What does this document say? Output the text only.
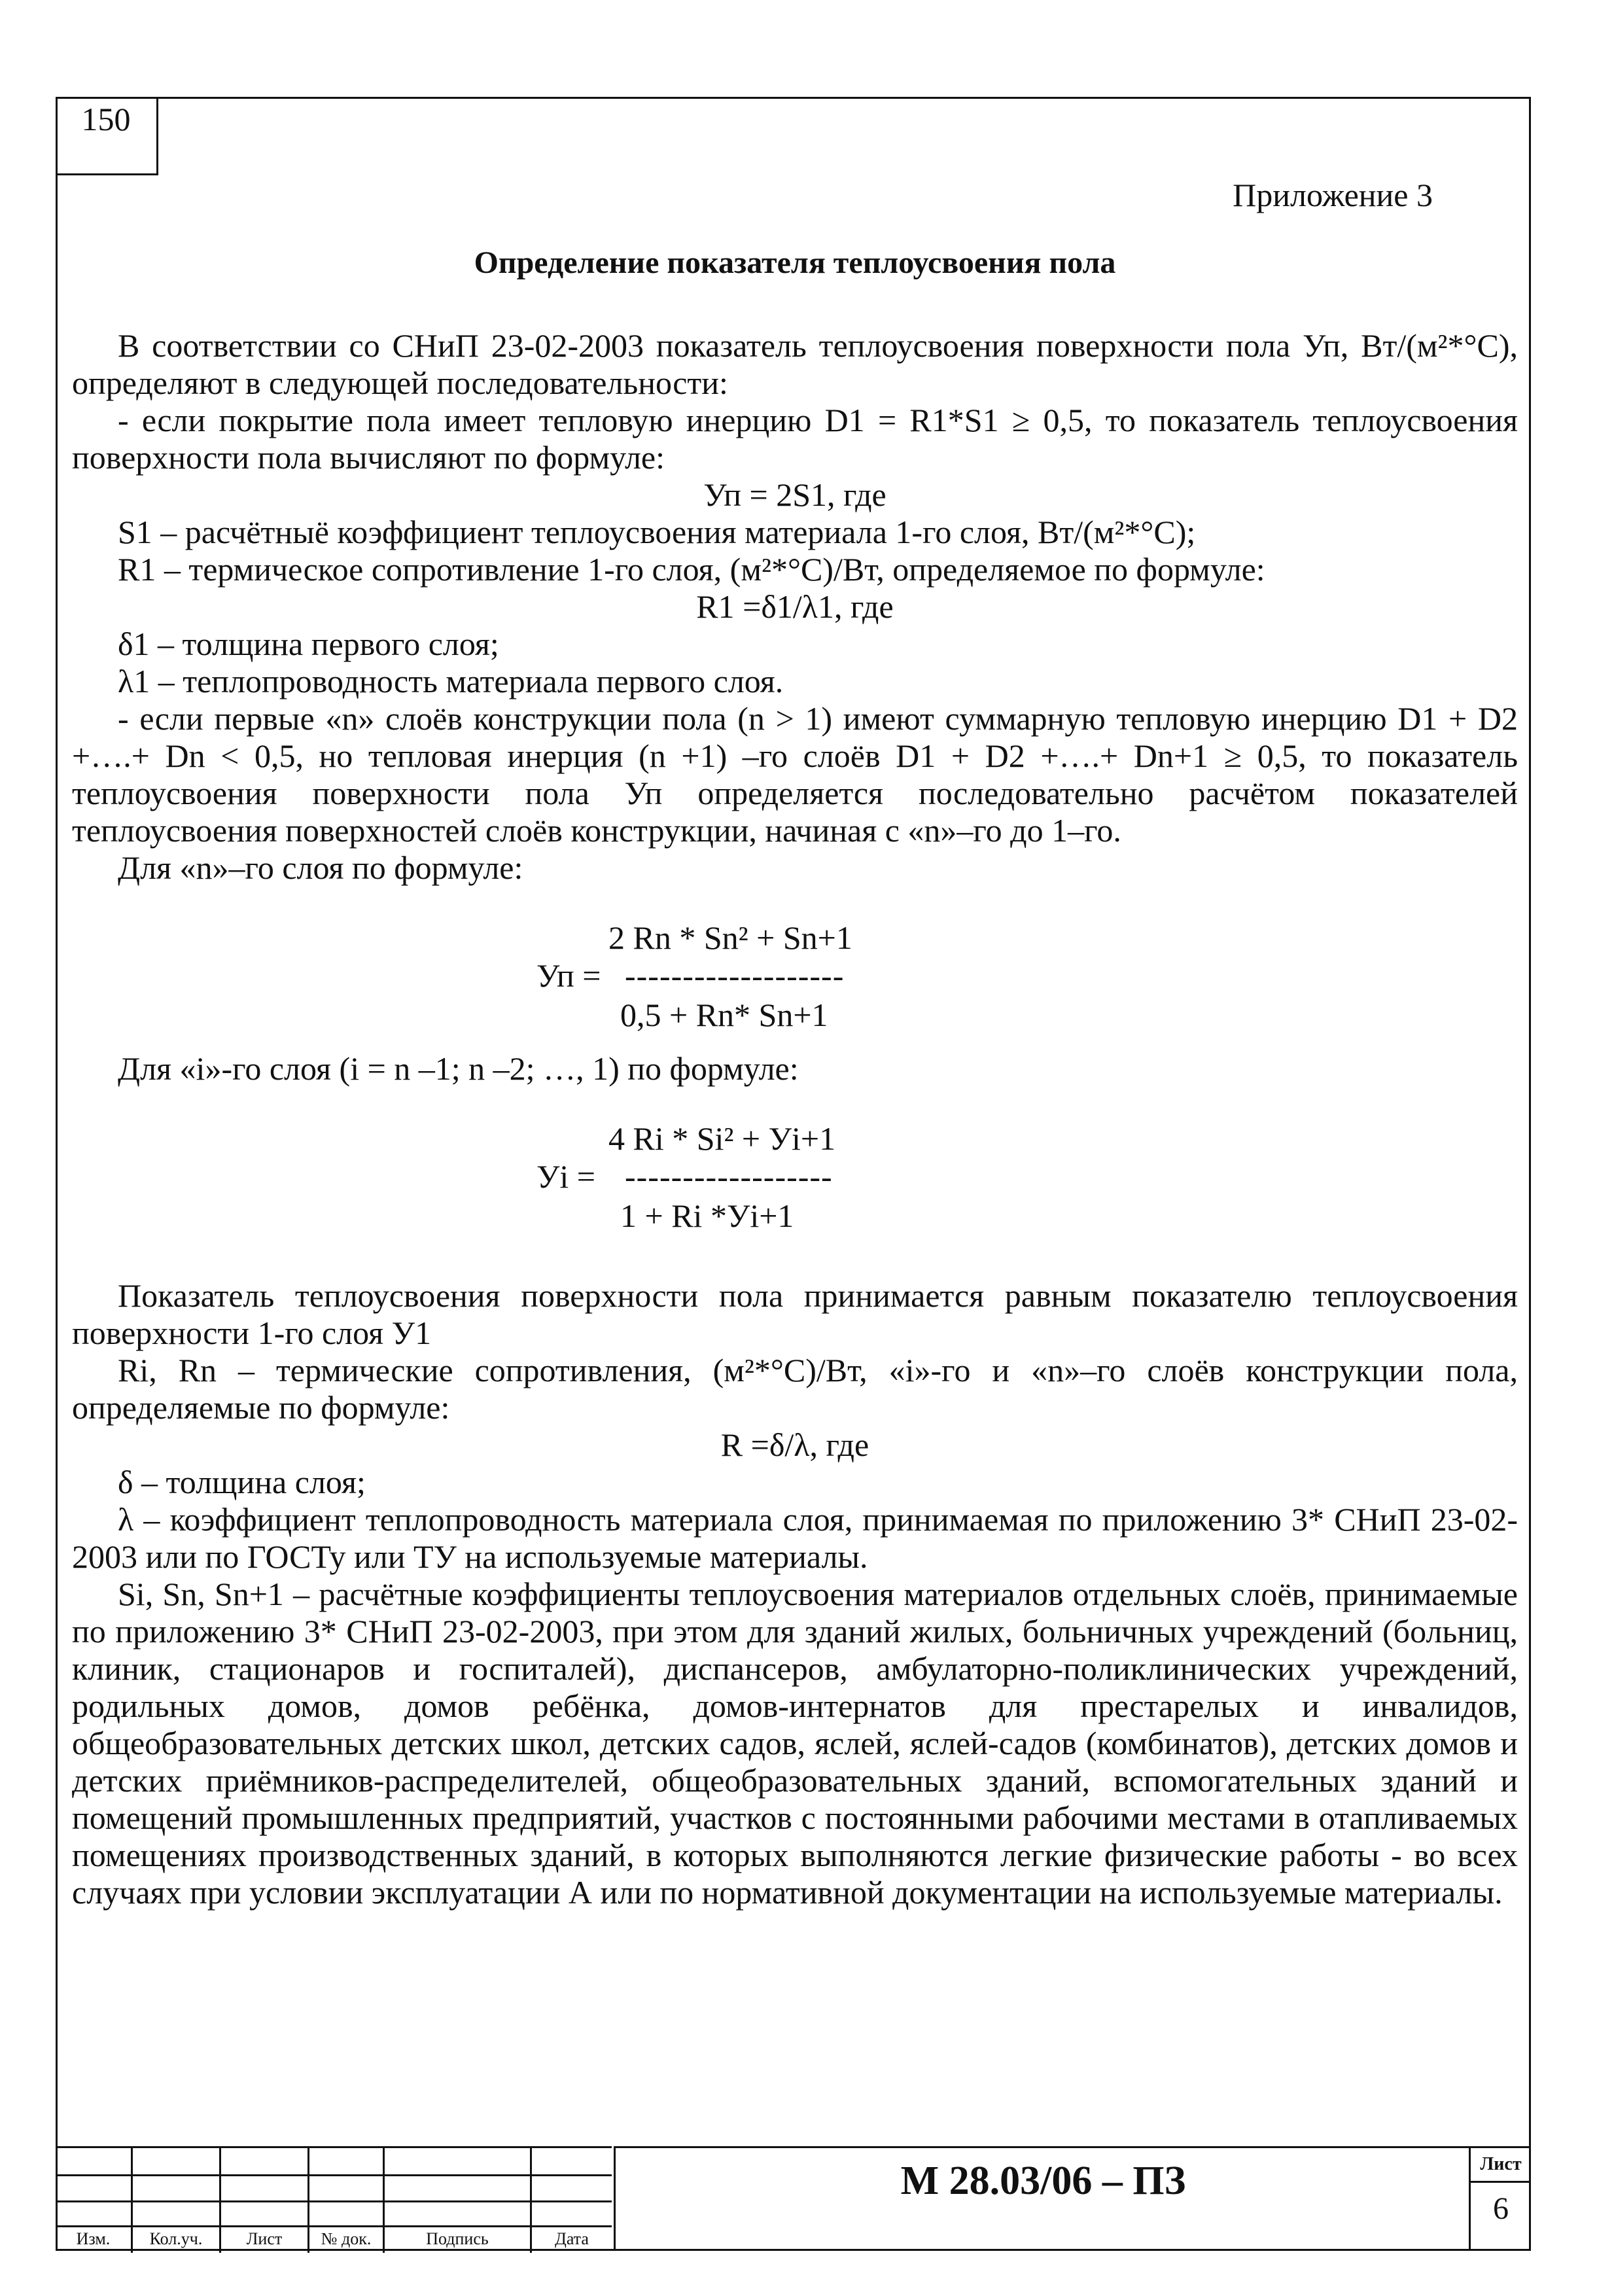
150

Приложение 3

Определение показателя теплоусвоения пола

В соответствии со СНиП 23-02-2003 показатель теплоусвоения поверхности пола Уп, Вт/(м²*°С), определяют в следующей последовательности:

- если покрытие пола имеет тепловую инерцию D1 = R1*S1 ≥ 0,5, то показатель теплоусвоения поверхности пола вычисляют по формуле:

Уп = 2S1, где

S1 – расчётныё коэффициент теплоусвоения материала 1-го слоя, Вт/(м²*°С);

R1 – термическое сопротивление 1-го слоя, (м²*°С)/Вт, определяемое по формуле:

R1 =δ1/λ1, где

δ1 – толщина первого слоя;

λ1 – теплопроводность материала первого слоя.

- если первые «n» слоёв конструкции пола (n > 1) имеют суммарную тепловую инерцию D1 + D2 +….+ Dn < 0,5, но тепловая инерция (n +1) –го слоёв D1 + D2 +….+ Dn+1 ≥ 0,5, то показатель теплоусвоения поверхности пола Уп определяется последовательно расчётом показателей теплоусвоения поверхностей слоёв конструкции, начиная с «n»–го до 1–го.

Для «n»–го слоя по формуле:

2 Rn * Sn² + Sn+1
Уп = -------------------
0,5 + Rn* Sn+1

Для «i»-го слоя (i = n –1; n –2; …, 1) по формуле:

4 Ri * Si² + Уi+1
Уi = ------------------
1 + Ri *Уi+1

Показатель теплоусвоения поверхности пола принимается равным показателю теплоусвоения поверхности 1-го слоя У1

Ri, Rn – термические сопротивления, (м²*°С)/Вт, «i»-го и «n»–го слоёв конструкции пола, определяемые по формуле:

R =δ/λ, где

δ – толщина слоя;

λ – коэффициент теплопроводность материала слоя, принимаемая по приложению 3* СНиП 23-02-2003 или по ГОСТу или ТУ на используемые материалы.

Si, Sn, Sn+1 – расчётные коэффициенты теплоусвоения материалов отдельных слоёв, принимаемые по приложению 3* СНиП 23-02-2003, при этом для зданий жилых, больничных учреждений (больниц, клиник, стационаров и госпиталей), диспансеров, амбулаторно-поликлинических учреждений, родильных домов, домов ребёнка, домов-интернатов для престарелых и инвалидов, общеобразовательных детских школ, детских садов, яслей, яслей-садов (комбинатов), детских домов и детских приёмников-распределителей, общеобразовательных зданий, вспомогательных зданий и помещений промышленных предприятий, участков с постоянными рабочими местами в отапливаемых помещениях производственных зданий, в которых выполняются легкие физические работы - во всех случаях при условии эксплуатации А или по нормативной документации на используемые материалы.

Изм.	Кол.уч.	Лист	№ док.	Подпись	Дата
М 28.03/06 – ПЗ	Лист
6
